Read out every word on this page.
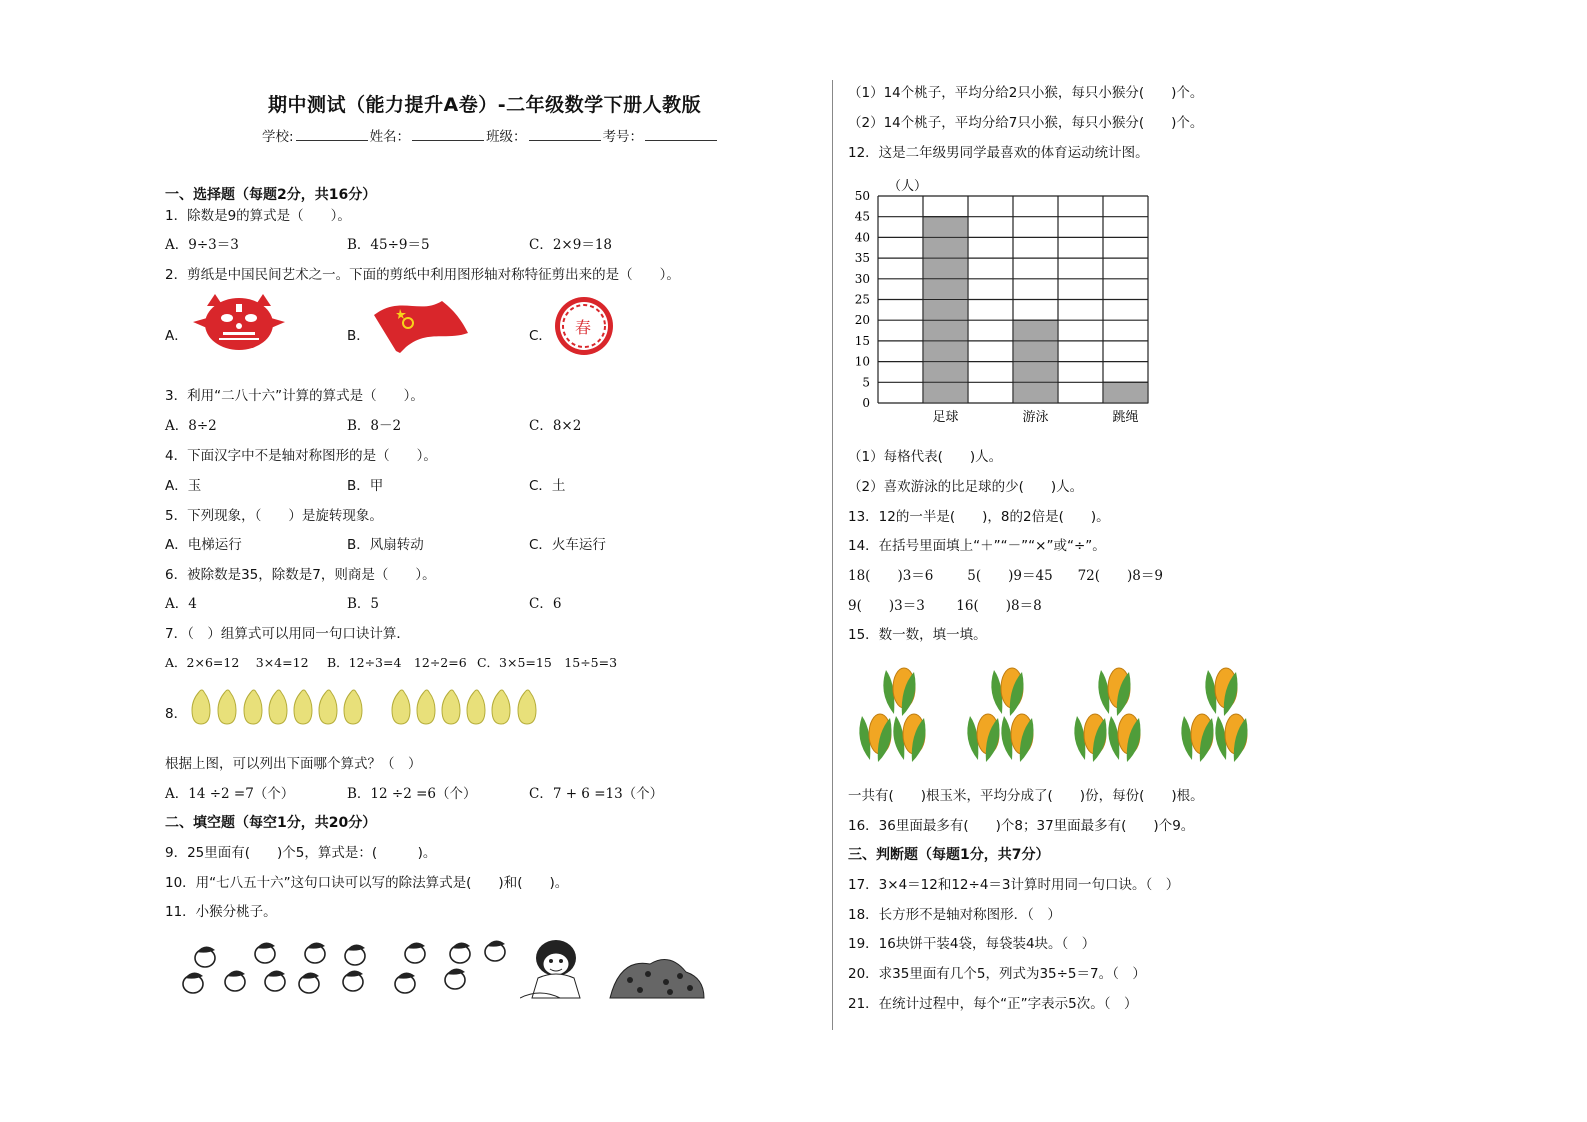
期中测试（能力提升A卷）-二年级数学下册人教版
学校:	姓名：	班级：	考号：
一、选择题（每题2分，共16分）
1．除数是9的算式是（　　）。
A．9÷3＝3	B．45÷9＝5	C．2×9＝18
2．剪纸是中国民间艺术之一。下面的剪纸中利用图形轴对称特征剪出来的是（　　）。
A．	B．	C． 春
3．利用“二八十六”计算的算式是（　　）。
A．8÷2	B．8－2	C．8×2
4．下面汉字中不是轴对称图形的是（　　）。
A．玉	B．甲	C．土
5．下列现象，（　　）是旋转现象。
A．电梯运行	B．风扇转动	C．火车运行
6．被除数是35，除数是7，则商是（　　）。
A．4	B．5	C．6
7．（　）组算式可以用同一句口诀计算．
A．2×6=12　 3×4=12 B．12÷3=4　12÷2=6 C．3×5=15　15÷5=3
8．
根据上图，可以列出下面哪个算式？（　）
A．14 ÷2 =7（个）	B．12 ÷2 =6（个）	C．7 + 6 =13（个）
二、填空题（每空1分，共20分）
9．25里面有(　　)个5，算式是：(　　　)。
10．用“七八五十六”这句口诀可以写的除法算式是(　　)和(　　)。
11．小猴分桃子。
（1）14个桃子，平均分给2只小猴，每只小猴分(　　)个。
（2）14个桃子，平均分给7只小猴，每只小猴分(　　)个。
12．这是二年级男同学最喜欢的体育运动统计图。
（1）每格代表(　　)人。
（2）喜欢游泳的比足球的少(　　)人。
13．12的一半是(　　)，8的2倍是(　　)。
14．在括号里面填上“＋”“－”“×”或“÷”。
18(　　)3＝6	5(　　)9＝45 72(　　)8＝9
9(　　)3＝3 16(　　)8＝8
15．数一数，填一填。
一共有(　　)根玉米，平均分成了(　　)份，每份(　　)根。
16．36里面最多有(　　)个8；37里面最多有(　　)个9。
三、判断题（每题1分，共7分）
17．3×4＝12和12÷4＝3计算时用同一句口诀。（　）
18．长方形不是轴对称图形．（　）
19．16块饼干装4袋，每袋装4块。（　）
20．求35里面有几个5，列式为35÷5＝7。（　）
21．在统计过程中，每个“正”字表示5次。（　）
0
5
10
15
20
25
30
35
40
45
50
足球	游泳	跳绳
（人）
